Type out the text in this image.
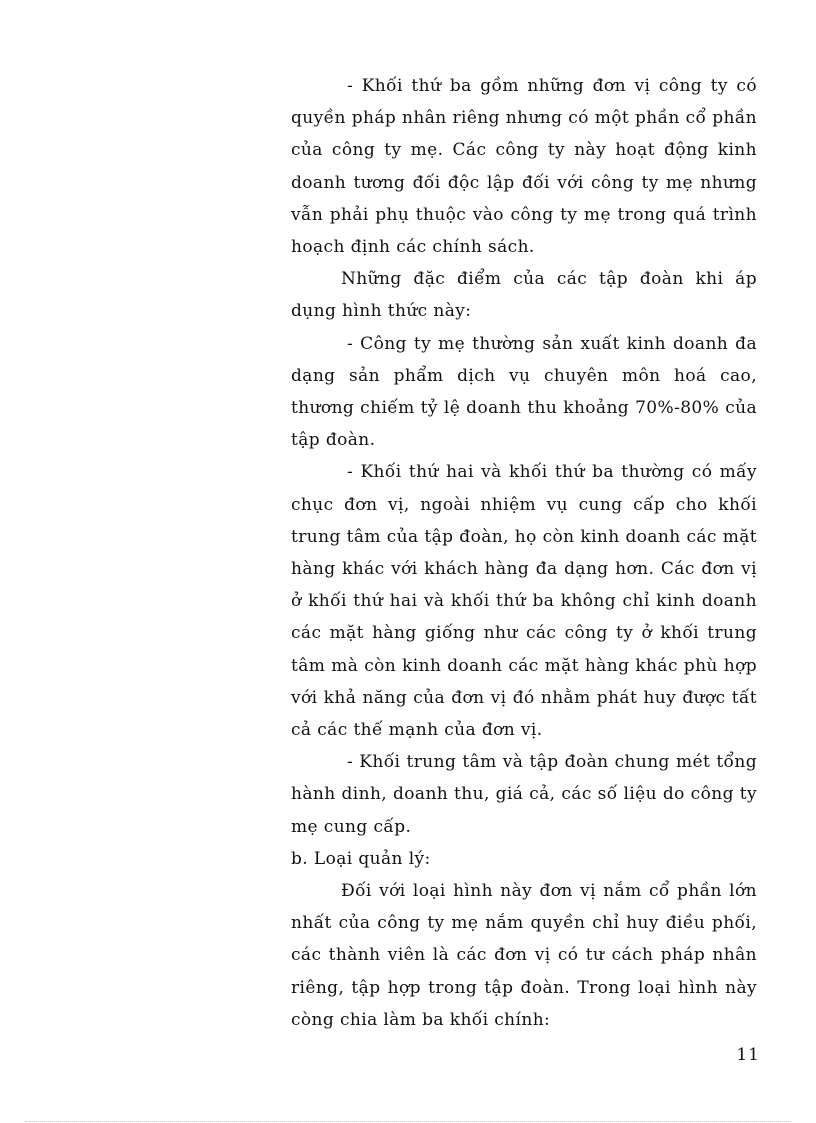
- Khối thứ ba gồm những đơn vị công ty có quyền pháp nhân riêng nhưng có một phần cổ phần của công ty mẹ. Các công ty này hoạt động kinh doanh tương đối độc lập đối với công ty mẹ nhưng vẫn phải phụ thuộc vào công ty mẹ trong quá trình hoạch định các chính sách.

Những đặc điểm của các tập đoàn khi áp dụng hình thức này:

- Công ty mẹ thường sản xuất kinh doanh đa dạng sản phẩm dịch vụ chuyên môn hoá cao, thương chiếm tỷ lệ doanh thu khoảng 70%-80% của tập đoàn.

- Khối thứ hai và khối thứ ba thường có mấy chục đơn vị, ngoài nhiệm vụ cung cấp cho khối trung tâm của tập đoàn, họ còn kinh doanh các mặt hàng khác với khách hàng đa dạng hơn. Các đơn vị ở khối thứ hai và khối thứ ba không chỉ kinh doanh các mặt hàng giống như các công ty ở khối trung tâm mà còn kinh doanh các mặt hàng khác phù hợp với khả năng của đơn vị đó nhằm phát huy được tất cả các thế mạnh của đơn vị.

- Khối trung tâm và tập đoàn chung mét tổng hành dinh, doanh thu, giá cả, các số liệu do công ty mẹ cung cấp.

b. Loại quản lý:

Đối với loại hình này đơn vị nắm cổ phần lớn nhất của công ty mẹ nắm quyền chỉ huy điều phối, các thành viên là các đơn vị có tư cách pháp nhân riêng, tập hợp trong tập đoàn. Trong loại hình này còng chia làm ba khối chính:

11
